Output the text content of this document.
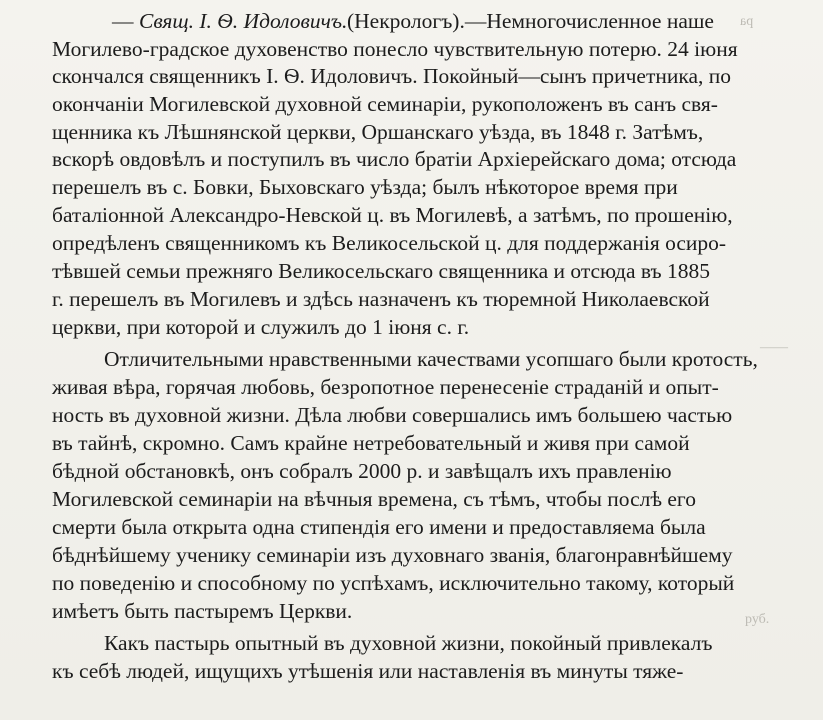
ра
——
руб.
— Свящ. І. Ѳ. Идоловичъ. (Некрологъ).—Немногочисленное наше
Могилево-градское духовенство понесло чувствительную потерю. 24 іюня
скончался священникъ І. Ѳ. Идоловичъ. Покойный—сынъ причетника, по
окончаніи Могилевской духовной семинаріи, рукоположенъ въ санъ свя-
щенника къ Лѣшнянской церкви, Оршанскаго уѣзда, въ 1848 г. Затѣмъ,
вскорѣ овдовѣлъ и поступилъ въ число братіи Архіерейскаго дома; отсюда
перешелъ въ с. Бовки, Быховскаго уѣзда; былъ нѣкоторое время при
баталіонной Александро-Невской ц. въ Могилевѣ, а затѣмъ, по прошенію,
опредѣленъ священникомъ къ Великосельской ц. для поддержанія осиро-
тѣвшей семьи прежняго Великосельскаго священника и отсюда въ 1885
г. перешелъ въ Могилевъ и здѣсь назначенъ къ тюремной Николаевской
церкви, при которой и служилъ до 1 іюня с. г.
Отличительными нравственными качествами усопшаго были кротость,
живая вѣра, горячая любовь, безропотное перенесеніе страданій и опыт-
ность въ духовной жизни. Дѣла любви совершались имъ большею частью
въ тайнѣ, скромно. Самъ крайне нетребовательный и живя при самой
бѣдной обстановкѣ, онъ собралъ 2000 р. и завѣщалъ ихъ правленію
Могилевской семинаріи на вѣчныя времена, съ тѣмъ, чтобы послѣ его
смерти была открыта одна стипендія его имени и предоставляема была
бѣднѣйшему ученику семинаріи изъ духовнаго званія, благонравнѣйшему
по поведенію и способному по успѣхамъ, исключительно такому, который
имѣетъ быть пастыремъ Церкви.
Какъ пастырь опытный въ духовной жизни, покойный привлекалъ
къ себѣ людей, ищущихъ утѣшенія или наставленія въ минуты тяже-
